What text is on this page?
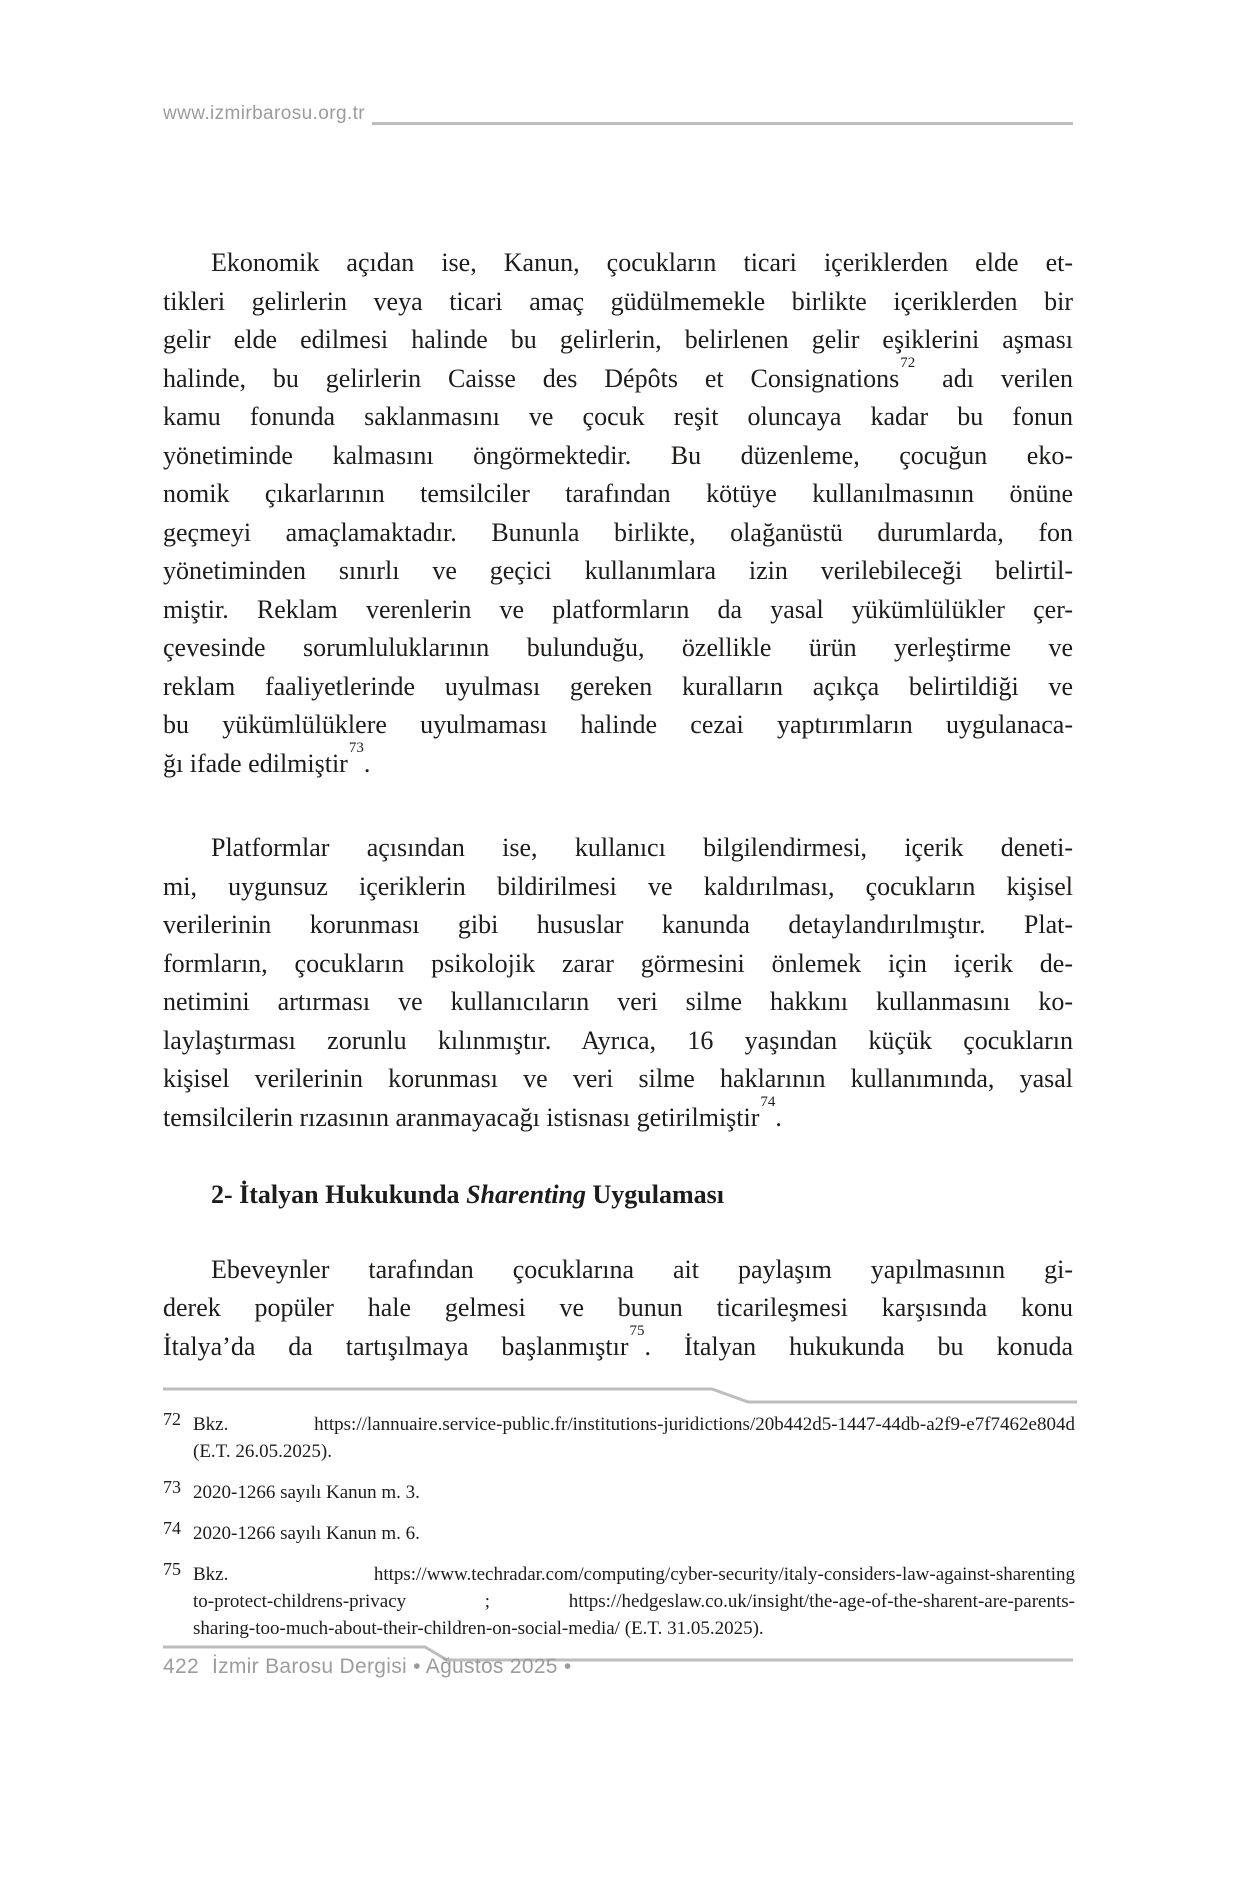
www.izmirbarosu.org.tr
Ekonomik açıdan ise, Kanun, çocukların ticari içeriklerden elde et-
tikleri gelirlerin veya ticari amaç güdülmemekle birlikte içeriklerden bir
gelir elde edilmesi halinde bu gelirlerin, belirlenen gelir eşiklerini aşması
halinde, bu gelirlerin Caisse des Dépôts et Consignations$^{72}$ adı verilen
kamu fonunda saklanmasını ve çocuk reşit oluncaya kadar bu fonun
yönetiminde kalmasını öngörmektedir. Bu düzenleme, çocuğun eko-
nomik çıkarlarının temsilciler tarafından kötüye kullanılmasının önüne
geçmeyi amaçlamaktadır. Bununla birlikte, olağanüstü durumlarda, fon
yönetiminden sınırlı ve geçici kullanımlara izin verilebileceği belirtil-
miştir. Reklam verenlerin ve platformların da yasal yükümlülükler çer-
çevesinde sorumluluklarının bulunduğu, özellikle ürün yerleştirme ve
reklam faaliyetlerinde uyulması gereken kuralların açıkça belirtildiği ve
bu yükümlülüklere uyulmaması halinde cezai yaptırımların uygulanaca-
ğı ifade edilmiştir$^{73}$.
Platformlar açısından ise, kullanıcı bilgilendirmesi, içerik deneti-
mi, uygunsuz içeriklerin bildirilmesi ve kaldırılması, çocukların kişisel
verilerinin korunması gibi hususlar kanunda detaylandırılmıştır. Plat-
formların, çocukların psikolojik zarar görmesini önlemek için içerik de-
netimini artırması ve kullanıcıların veri silme hakkını kullanmasını ko-
laylaştırması zorunlu kılınmıştır. Ayrıca, 16 yaşından küçük çocukların
kişisel verilerinin korunması ve veri silme haklarının kullanımında, yasal
temsilcilerin rızasının aranmayacağı istisnası getirilmiştir$^{74}$.
2- İtalyan Hukukunda Sharenting Uygulaması
Ebeveynler tarafından çocuklarına ait paylaşım yapılmasının gi-
derek popüler hale gelmesi ve bunun ticarileşmesi karşısında konu
İtalya’da da tartışılmaya başlanmıştır$^{75}$. İtalyan hukukunda bu konuda
72 Bkz. https://lannuaire.service-public.fr/institutions-juridictions/20b442d5-1447-44db-a2f9-e7f7462e804d
(E.T. 26.05.2025).
73 2020-1266 sayılı Kanun m. 3.
74 2020-1266 sayılı Kanun m. 6.
75 Bkz. https://www.techradar.com/computing/cyber-security/italy-considers-law-against-sharenting
to-protect-childrens-privacy ; https://hedgeslaw.co.uk/insight/the-age-of-the-sharent-are-parents-
sharing-too-much-about-their-children-on-social-media/ (E.T. 31.05.2025).
422 İzmir Barosu Dergisi • Ağustos 2025 •
